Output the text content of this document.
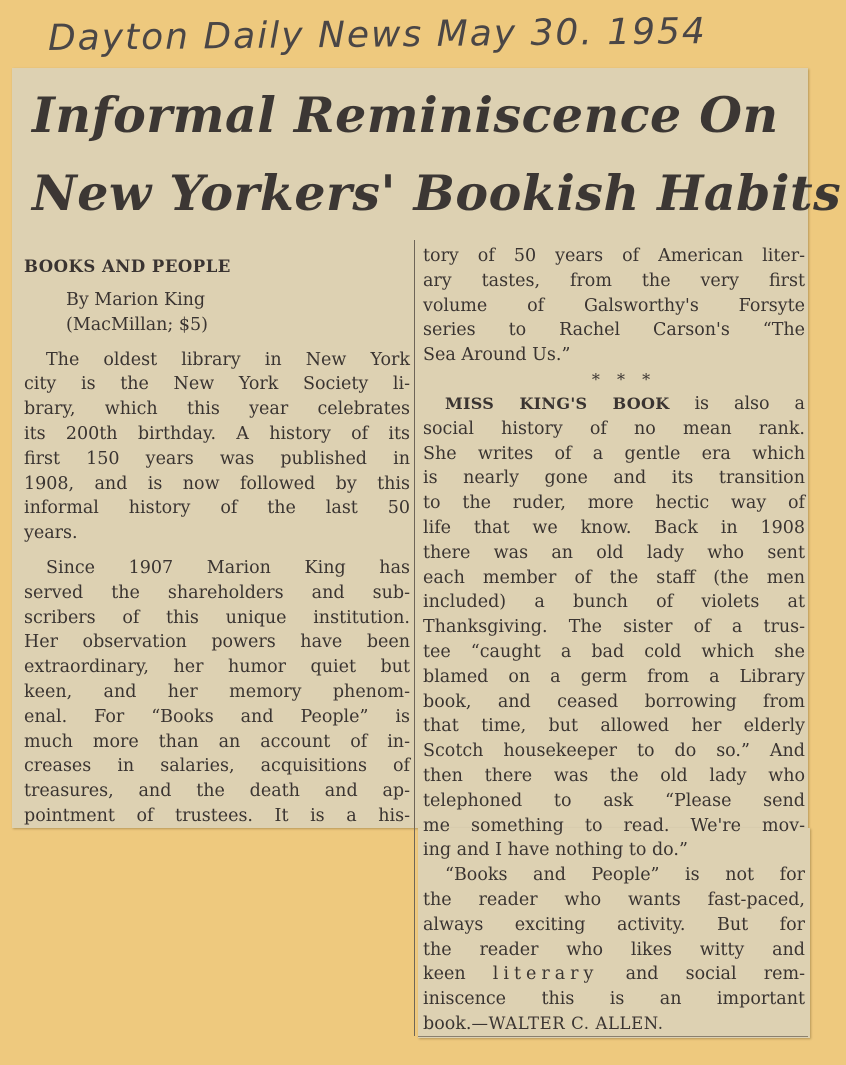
Dayton Daily News May 30. 1954
Informal Reminiscence On
New Yorkers' Bookish Habits
BOOKS AND PEOPLE
By Marion King
(MacMillan; $5)
The oldest library in New York
city is the New York Society li-
brary, which this year celebrates
its 200th birthday. A history of its
first 150 years was published in
1908, and is now followed by this
informal history of the last 50
years.
Since 1907 Marion King has
served the shareholders and sub-
scribers of this unique institution.
Her observation powers have been
extraordinary, her humor quiet but
keen, and her memory phenom-
enal. For “Books and People” is
much more than an account of in-
creases in salaries, acquisitions of
treasures, and the death and ap-
pointment of trustees. It is a his-
tory of 50 years of American liter-
ary tastes, from the very first
volume of Galsworthy's Forsyte
series to Rachel Carson's “The
Sea Around Us.”
* * *
MISS KING'S BOOK is also a
social history of no mean rank.
She writes of a gentle era which
is nearly gone and its transition
to the ruder, more hectic way of
life that we know. Back in 1908
there was an old lady who sent
each member of the staff (the men
included) a bunch of violets at
Thanksgiving. The sister of a trus-
tee “caught a bad cold which she
blamed on a germ from a Library
book, and ceased borrowing from
that time, but allowed her elderly
Scotch housekeeper to do so.” And
then there was the old lady who
telephoned to ask “Please send
me something to read. We're mov-
ing and I have nothing to do.”
“Books and People” is not for
the reader who wants fast-paced,
always exciting activity. But for
the reader who likes witty and
keen literary and social rem-
iniscence this is an important
book.—WALTER C. ALLEN.
